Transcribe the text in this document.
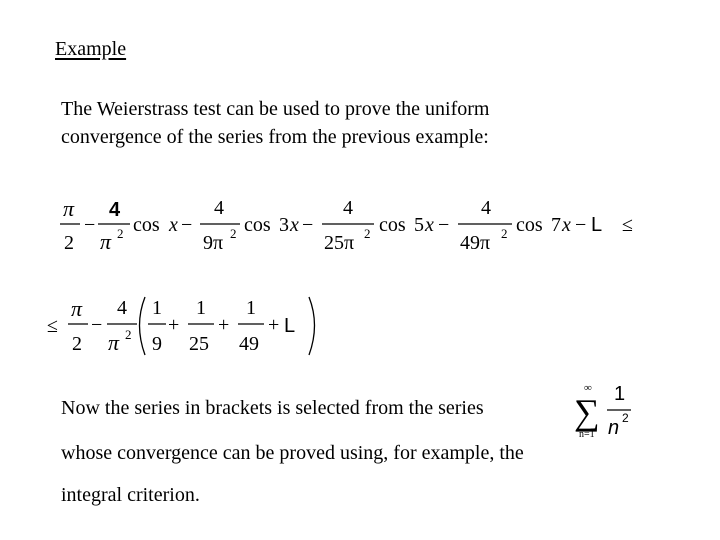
Example

The Weierstrass test can be used to prove the uniform

convergence of the series from the previous example:

π
2
−
4
π 2 cos x −
4
9π 2 cos 3 x −
4
25π 2 cos 5 x −
4
49π 2 cos 7 x − L ≤
≤
π
2
−
4
π 2
1
9
+
1
25
+
1
49
+ L
∞
∑
n=1
1
n 2
Now the series in brackets is selected from the series
whose convergence can be proved using, for example, the
integral criterion.
